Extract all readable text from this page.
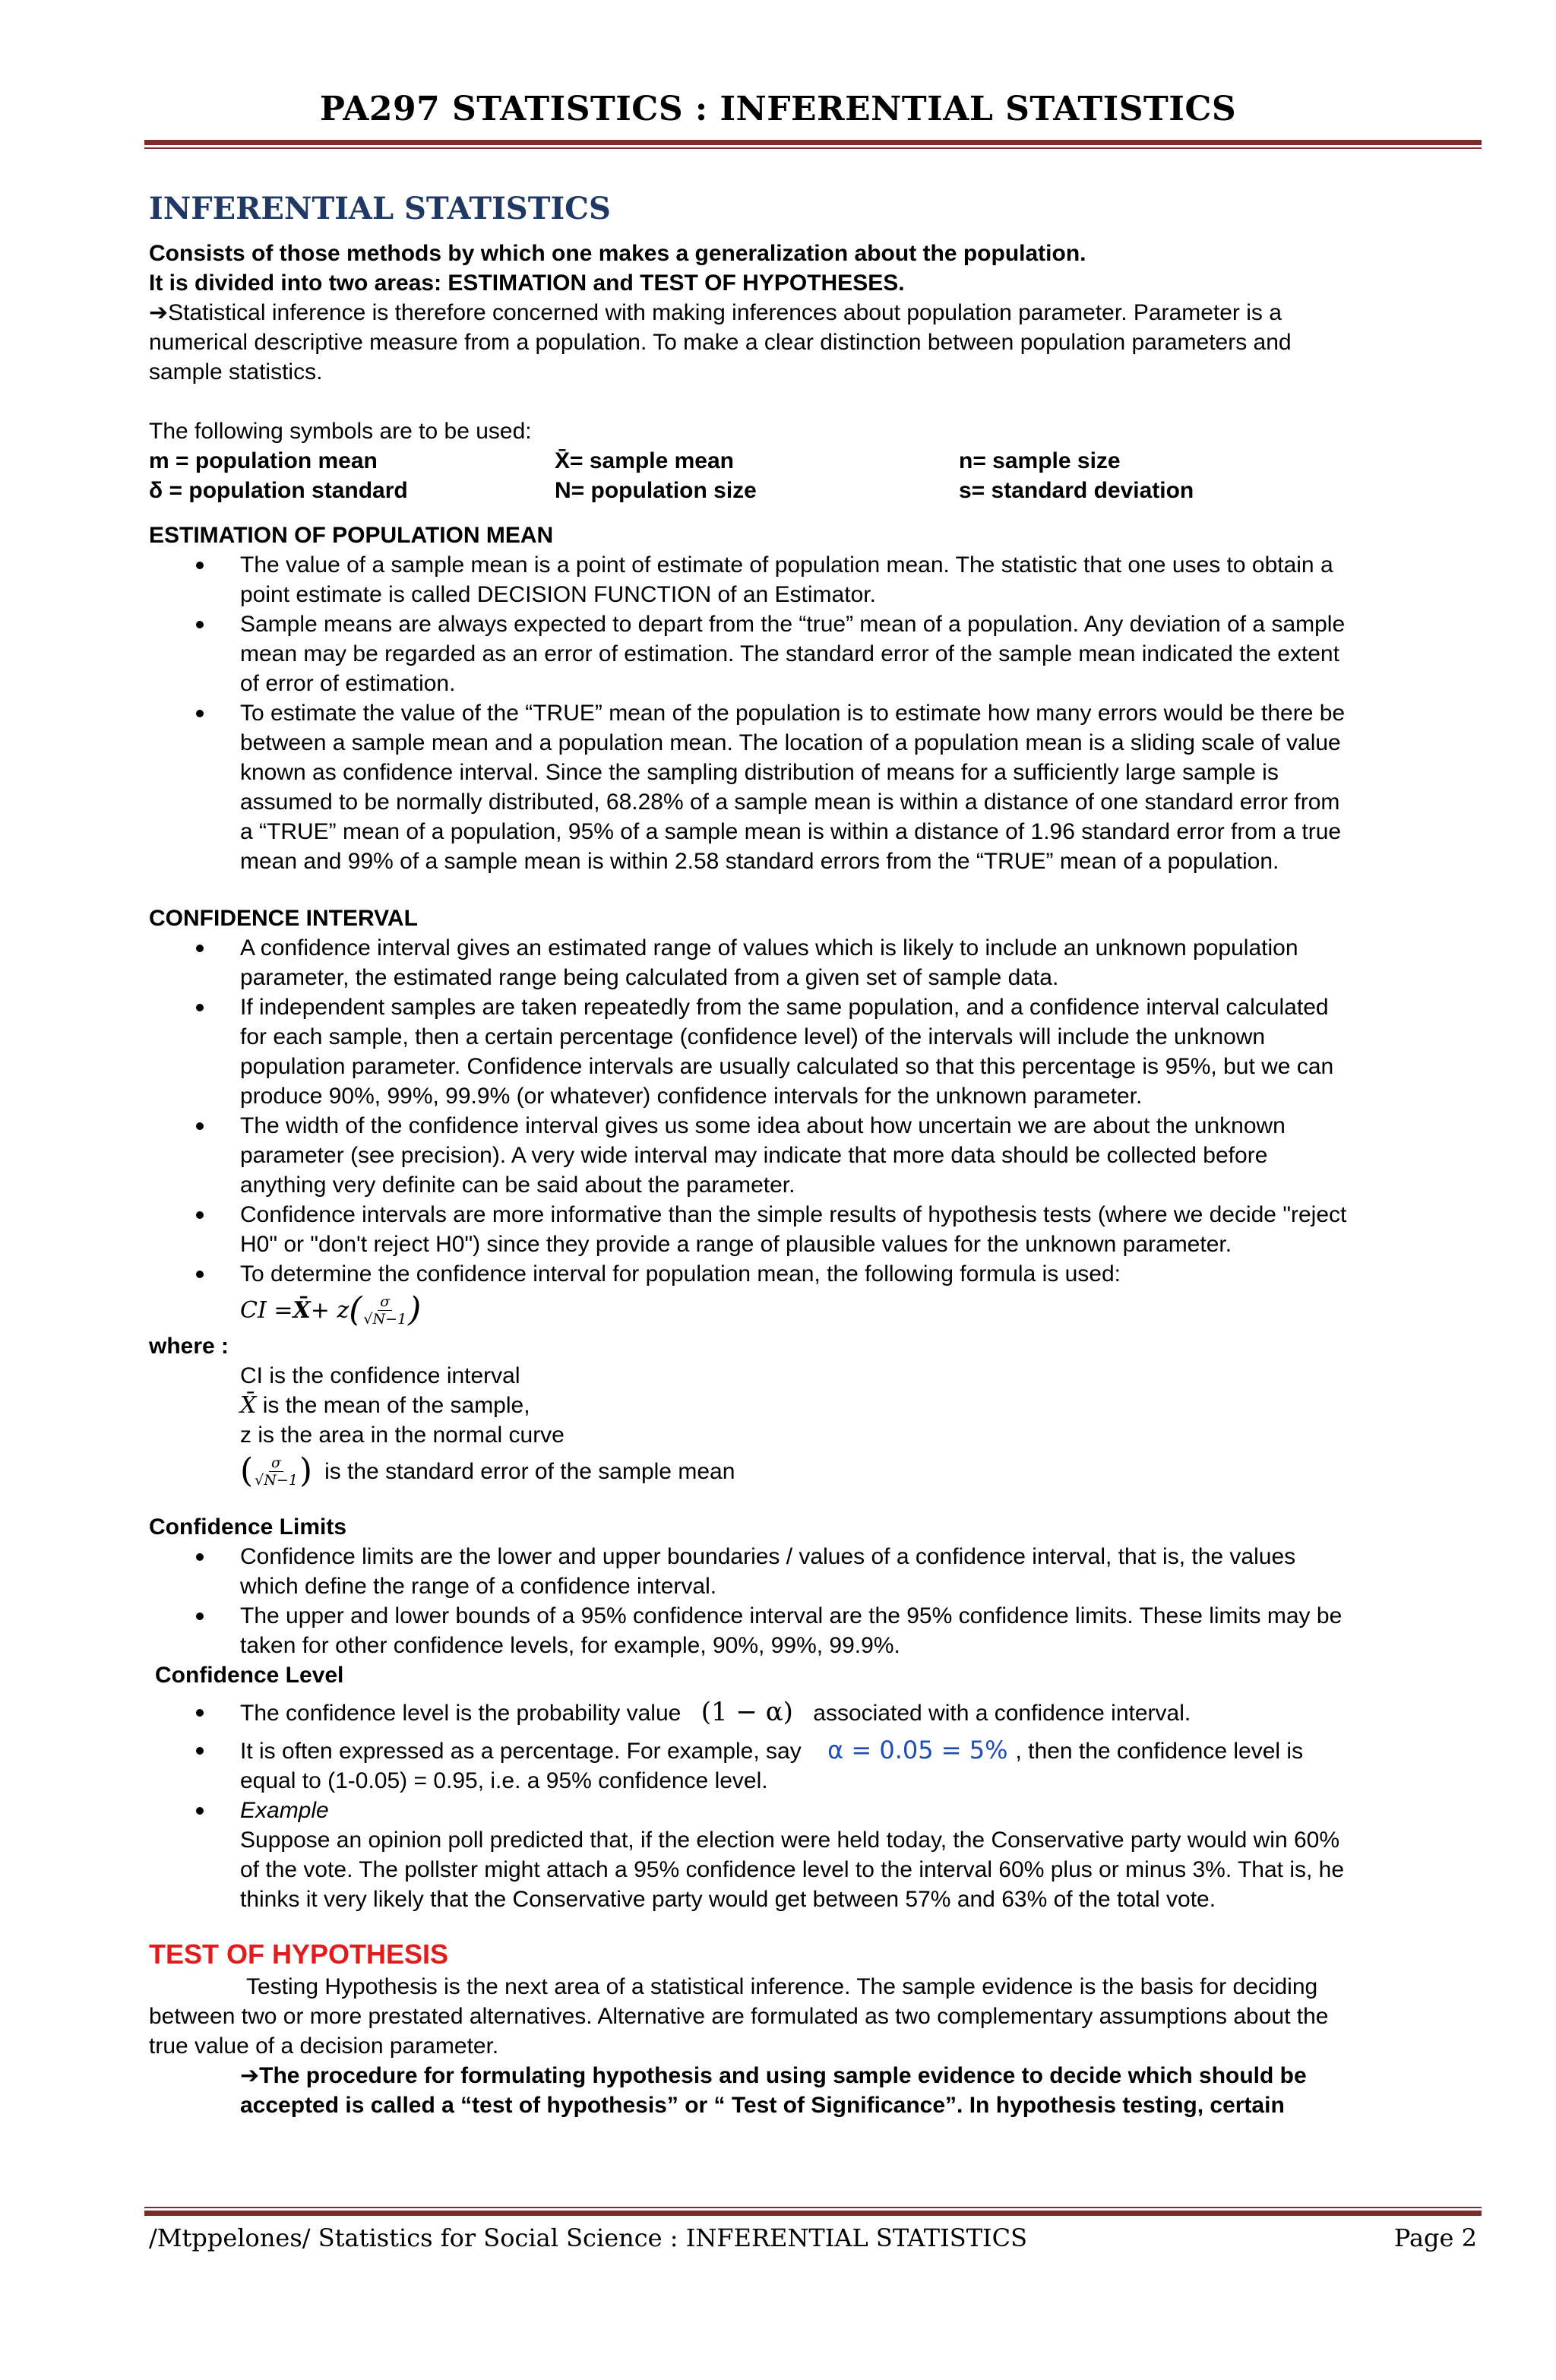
PA297 STATISTICS : INFERENTIAL STATISTICS
INFERENTIAL STATISTICS

Consists of those methods by which one makes a generalization about the population.

It is divided into two areas: ESTIMATION and TEST OF HYPOTHESES.

➔Statistical inference is therefore concerned with making inferences about population parameter. Parameter is a

numerical descriptive measure from a population. To make a clear distinction between population parameters and

sample statistics.

The following symbols are to be used:

m = population mean	X̄= sample mean	n= sample size
δ = population standard	N= population size	s= standard deviation

ESTIMATION OF POPULATION MEAN

The value of a sample mean is a point of estimate of population mean. The statistic that one uses to obtain a
point estimate is called DECISION FUNCTION of an Estimator.
Sample means are always expected to depart from the “true” mean of a population. Any deviation of a sample
mean may be regarded as an error of estimation. The standard error of the sample mean indicated the extent
of error of estimation.
To estimate the value of the “TRUE” mean of the population is to estimate how many errors would be there be
between a sample mean and a population mean. The location of a population mean is a sliding scale of value
known as confidence interval. Since the sampling distribution of means for a sufficiently large sample is
assumed to be normally distributed, 68.28% of a sample mean is within a distance of one standard error from
a “TRUE” mean of a population, 95% of a sample mean is within a distance of 1.96 standard error from a true
mean and 99% of a sample mean is within 2.58 standard errors from the “TRUE” mean of a population.

CONFIDENCE INTERVAL

A confidence interval gives an estimated range of values which is likely to include an unknown population
parameter, the estimated range being calculated from a given set of sample data.
If independent samples are taken repeatedly from the same population, and a confidence interval calculated
for each sample, then a certain percentage (confidence level) of the intervals will include the unknown
population parameter. Confidence intervals are usually calculated so that this percentage is 95%, but we can
produce 90%, 99%, 99.9% (or whatever) confidence intervals for the unknown parameter.
The width of the confidence interval gives us some idea about how uncertain we are about the unknown
parameter (see precision). A very wide interval may indicate that more data should be collected before
anything very definite can be said about the parameter.
Confidence intervals are more informative than the simple results of hypothesis tests (where we decide "reject
H0" or "don't reject H0") since they provide a range of plausible values for the unknown parameter.
To determine the confidence interval for population mean, the following formula is used:
CI = X̄ + z ( $\frac{\sigma}{√N-1}$ )

where :

CI is the confidence interval
X̄ is the mean of the sample,
z is the area in the normal curve
( $\frac{\sigma}{√N-1}$ ) is the standard error of the sample mean

Confidence Limits

Confidence limits are the lower and upper boundaries / values of a confidence interval, that is, the values
which define the range of a confidence interval.
The upper and lower bounds of a 95% confidence interval are the 95% confidence limits. These limits may be
taken for other confidence levels, for example, 90%, 99%, 99.9%.

Confidence Level

The confidence level is the probability value (1 − α) associated with a confidence interval.
It is often expressed as a percentage. For example, say α = 0.05 = 5% , then the confidence level is
equal to (1-0.05) = 0.95, i.e. a 95% confidence level.
Example
Suppose an opinion poll predicted that, if the election were held today, the Conservative party would win 60%
of the vote. The pollster might attach a 95% confidence level to the interval 60% plus or minus 3%. That is, he
thinks it very likely that the Conservative party would get between 57% and 63% of the total vote.

TEST OF HYPOTHESIS

Testing Hypothesis is the next area of a statistical inference. The sample evidence is the basis for deciding

between two or more prestated alternatives. Alternative are formulated as two complementary assumptions about the

true value of a decision parameter.

➔The procedure for formulating hypothesis and using sample evidence to decide which should be

accepted is called a “test of hypothesis” or “ Test of Significance”. In hypothesis testing, certain

/Mtppelones/ Statistics for Social Science : INFERENTIAL STATISTICS	Page 2
